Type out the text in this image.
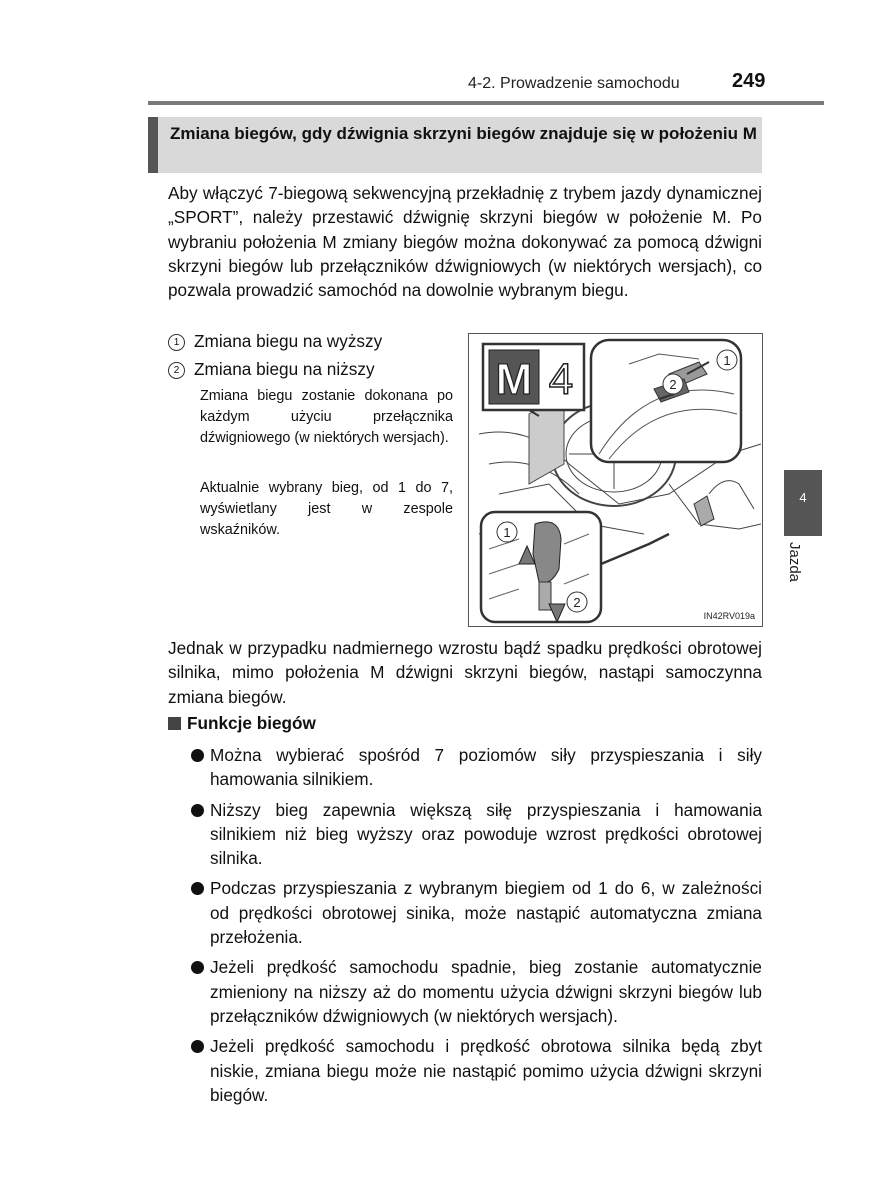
4-2. Prowadzenie samochodu	249
Zmiana biegów, gdy dźwignia skrzyni biegów znajduje się w położeniu M

Aby włączyć 7-biegową sekwencyjną przekładnię z trybem jazdy dynamicznej „SPORT”, należy przestawić dźwignię skrzyni biegów w położenie M. Po wybraniu położenia M zmiany biegów można dokonywać za pomocą dźwigni skrzyni biegów lub przełączników dźwigniowych (w niektórych wersjach), co pozwala prowadzić samochód na dowolnie wybranym biegu.

1 Zmiana biegu na wyższy
2 Zmiana biegu na niższy

Zmiana biegu zostanie dokonana po każdym użyciu przełącznika dźwigniowego (w niektórych wersjach).

Aktualnie wybrany bieg, od 1 do 7, wyświetlany jest w zespole wskaźników.

M 4	1
2
1
2
IN42RV019a

Jednak w przypadku nadmiernego wzrostu bądź spadku prędkości obrotowej silnika, mimo położenia M dźwigni skrzyni biegów, nastąpi samoczynna zmiana biegów.

Funkcje biegów
Można wybierać spośród 7 poziomów siły przyspieszania i siły hamowania silnikiem.
Niższy bieg zapewnia większą siłę przyspieszania i hamowania silnikiem niż bieg wyższy oraz powoduje wzrost prędkości obrotowej silnika.
Podczas przyspieszania z wybranym biegiem od 1 do 6, w zależności od prędkości obrotowej sinika, może nastąpić automatyczna zmiana przełożenia.
Jeżeli prędkość samochodu spadnie, bieg zostanie automatycznie zmieniony na niższy aż do momentu użycia dźwigni skrzyni biegów lub przełączników dźwigniowych (w niektórych wersjach).
Jeżeli prędkość samochodu i prędkość obrotowa silnika będą zbyt niskie, zmiana biegu może nie nastąpić pomimo użycia dźwigni skrzyni biegów.
4
Jazda
